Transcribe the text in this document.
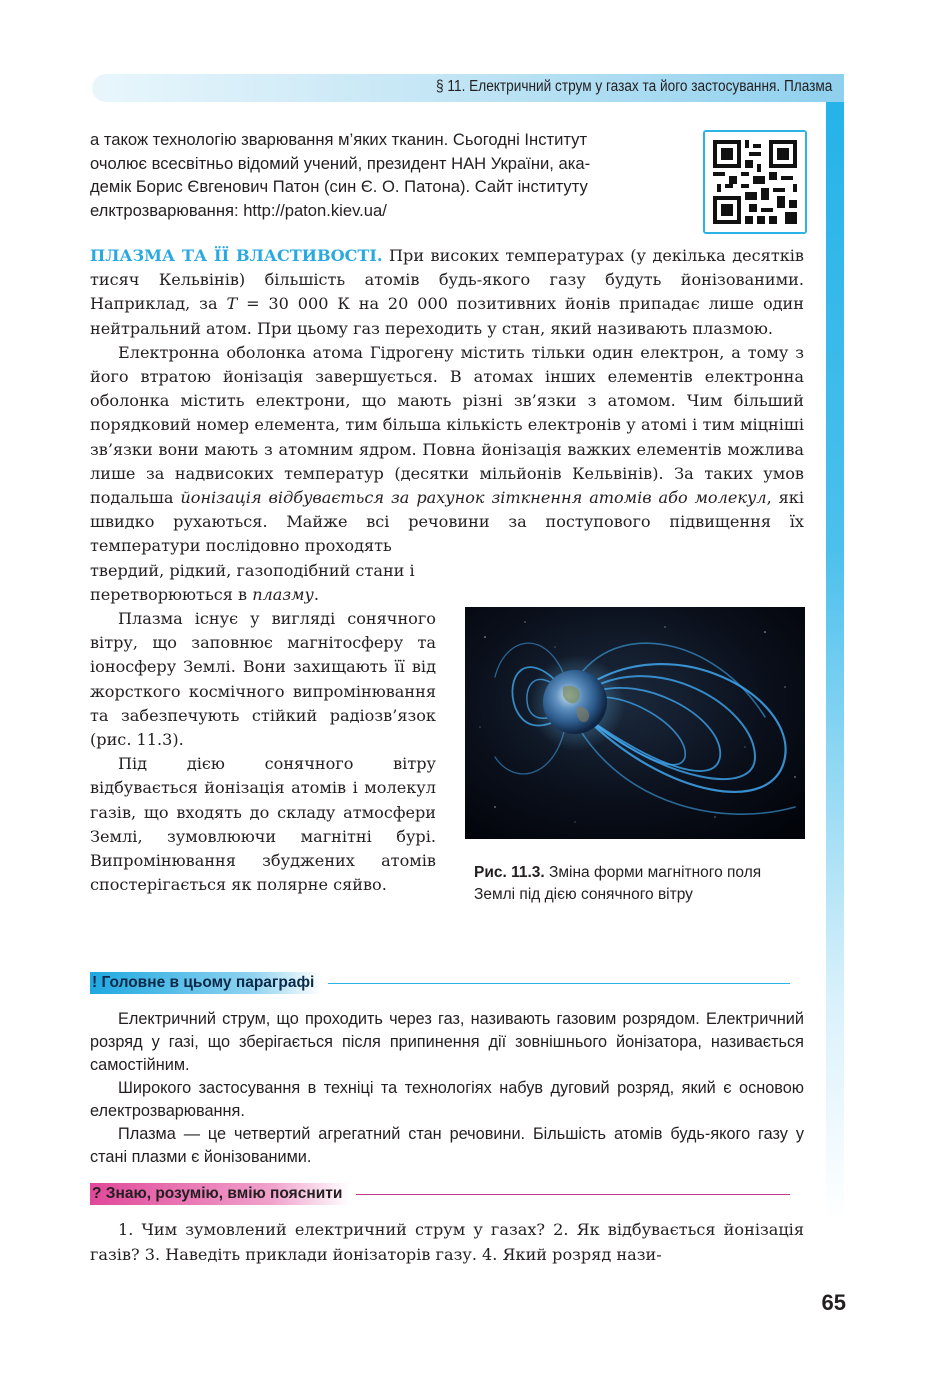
§ 11. Електричний струм у газах та його застосування. Плазма
а також технологію зварювання м’яких тканин. Сьогодні Інститут
очолює всесвітньо відомий учений, президент НАН України, ака-
демік Борис Євгенович Патон (син Є. О. Патона). Сайт інституту
елктрозварювання: http://paton.kiev.ua/

ПЛАЗМА ТА ЇЇ ВЛАСТИВОСТІ. При високих температурах (у декілька десятків тисяч Кельвінів) більшість атомів будь-якого газу будуть йонізованими. Наприклад, за T = 30 000 К на 20 000 позитивних йонів припадає лише один нейтральний атом. При цьому газ переходить у стан, який називають плазмою.

Електронна оболонка атома Гідрогену містить тільки один електрон, а тому з його втратою йонізація завершується. В атомах інших елементів електронна оболонка містить електрони, що мають різні зв’язки з атомом. Чим більший порядковий номер елемента, тим більша кількість електронів у атомі і тим міцніші зв’язки вони мають з атомним ядром. Повна йонізація важких елементів можлива лише за надвисоких температур (десятки мільйонів Кельвінів). За таких умов подальша йонізація відбувається за рахунок зіткнення атомів або молекул, які швидко рухаються. Майже всі речовини за поступового підвищення їх температури послідовно проходять

твердий, рідкий, газоподібний стани і перетворюються в плазму.

Плазма існує у вигляді сонячного вітру, що заповнює магнітосферу та іоносферу Землі. Вони захищають її від жорсткого космічного випромінювання та забезпечують стійкий радіозв’язок (рис. 11.3).

Під дією сонячного вітру відбувається йонізація атомів і молекул газів, що входять до складу атмосфери Землі, зумовлюючи магнітні бурі. Випромінювання збуджених атомів спостерігається як полярне сяйво.

Рис. 11.3. Зміна форми магнітного поля Землі під дією сонячного вітру
! Головне в цьому параграфі

Електричний струм, що проходить через газ, називають газовим розрядом. Електричний розряд у газі, що зберігається після припинення дії зовнішнього йонізатора, називається самостійним.

Широкого застосування в техніці та технологіях набув дуговий розряд, який є основою електрозварювання.

Плазма — це четвертий агрегатний стан речовини. Більшість атомів будь-якого газу у стані плазми є йонізованими.

? Знаю, розумію, вмію пояснити

1. Чим зумовлений електричний струм у газах? 2. Як відбувається йонізація газів? 3. Наведіть приклади йонізаторів газу. 4. Який розряд нази-

65
